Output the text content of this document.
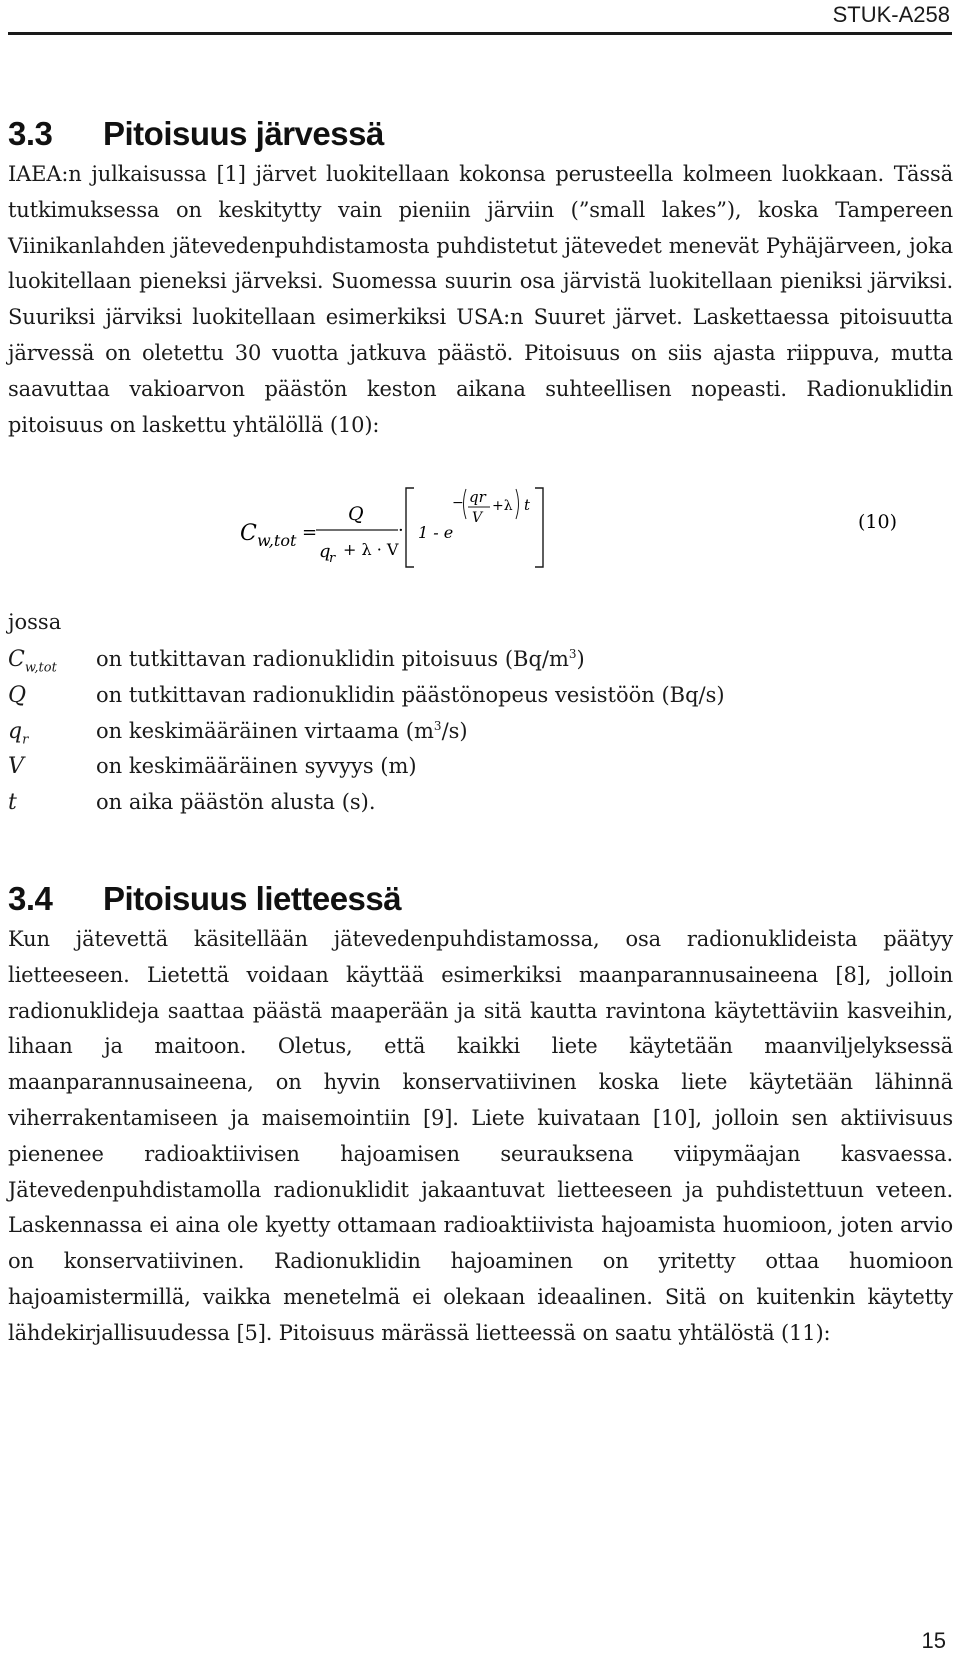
STUK-A258
3.3 Pitoisuus järvessä

IAEA:n julkaisussa [1] järvet luokitellaan kokonsa perusteella kolmeen luokkaan. Tässä tutkimuksessa on keskitytty vain pieniin järviin (”small lakes”), koska Tampereen Viinikanlahden jätevedenpuhdistamosta puhdistetut jätevedet menevät Pyhäjärveen, joka luokitellaan pieneksi järveksi. Suomessa suurin osa järvistä luokitellaan pieniksi järviksi. Suuriksi järviksi luokitellaan esimerkiksi USA:n Suuret järvet. Laskettaessa pitoisuutta järvessä on oletettu 30 vuotta jatkuva päästö. Pitoisuus on siis ajasta riippuva, mutta saavuttaa vakioarvon päästön keston aikana suhteellisen nopeasti. Radionuklidin pitoisuus on laskettu yhtälöllä (10):

C w,tot =
Q
q
r + λ · V
· 1 - e
− qr
V
+λ t
(10)
jossa
$C_{w,tot}$ on tutkittavan radionuklidin pitoisuus $(Bq/m^3)$
Q	on tutkittavan radionuklidin päästönopeus vesistöön (Bq/s)
$q_r$	on keskimääräinen virtaama $(m^3/s)$
V	on keskimääräinen syvyys (m)
t	on aika päästön alusta (s).
3.4 Pitoisuus lietteessä

Kun jätevettä käsitellään jätevedenpuhdistamossa, osa radionuklideista päätyy lietteeseen. Lietettä voidaan käyttää esimerkiksi maanparannusaineena [8], jolloin radionuklideja saattaa päästä maaperään ja sitä kautta ravintona käytettäviin kasveihin, lihaan ja maitoon. Oletus, että kaikki liete käytetään maanviljelyksessä maanparannusaineena, on hyvin konservatiivinen koska liete käytetään lähinnä viherrakentamiseen ja maisemointiin [9]. Liete kuivataan [10], jolloin sen aktiivisuus pienenee radioaktiivisen hajoamisen seurauksena viipymäajan kasvaessa. Jätevedenpuhdistamolla radionuklidit jakaantuvat lietteeseen ja puhdistettuun veteen. Laskennassa ei aina ole kyetty ottamaan radioaktiivista hajoamista huomioon, joten arvio on konservatiivinen. Radionuklidin hajoaminen on yritetty ottaa huomioon hajoamistermillä, vaikka menetelmä ei olekaan ideaalinen. Sitä on kuitenkin käytetty lähdekirjallisuudessa [5]. Pitoisuus märässä lietteessä on saatu yhtälöstä (11):

15
